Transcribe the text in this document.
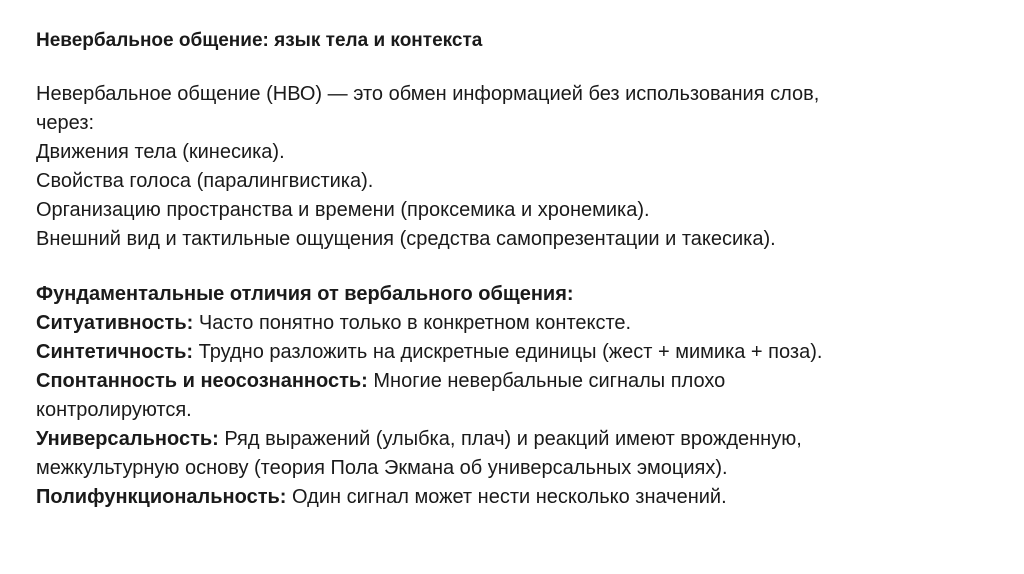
Невербальное общение: язык тела и контекста

Невербальное общение (НВО) — это обмен информацией без использования слов,

через:

Движения тела (кинесика).

Свойства голоса (паралингвистика).

Организацию пространства и времени (проксемика и хронемика).

Внешний вид и тактильные ощущения (средства самопрезентации и такесика).

Фундаментальные отличия от вербального общения:

Ситуативность: Часто понятно только в конкретном контексте.

Синтетичность: Трудно разложить на дискретные единицы (жест + мимика + поза).

Спонтанность и неосознанность: Многие невербальные сигналы плохо

контролируются.

Универсальность: Ряд выражений (улыбка, плач) и реакций имеют врожденную,

межкультурную основу (теория Пола Экмана об универсальных эмоциях).

Полифункциональность: Один сигнал может нести несколько значений.
